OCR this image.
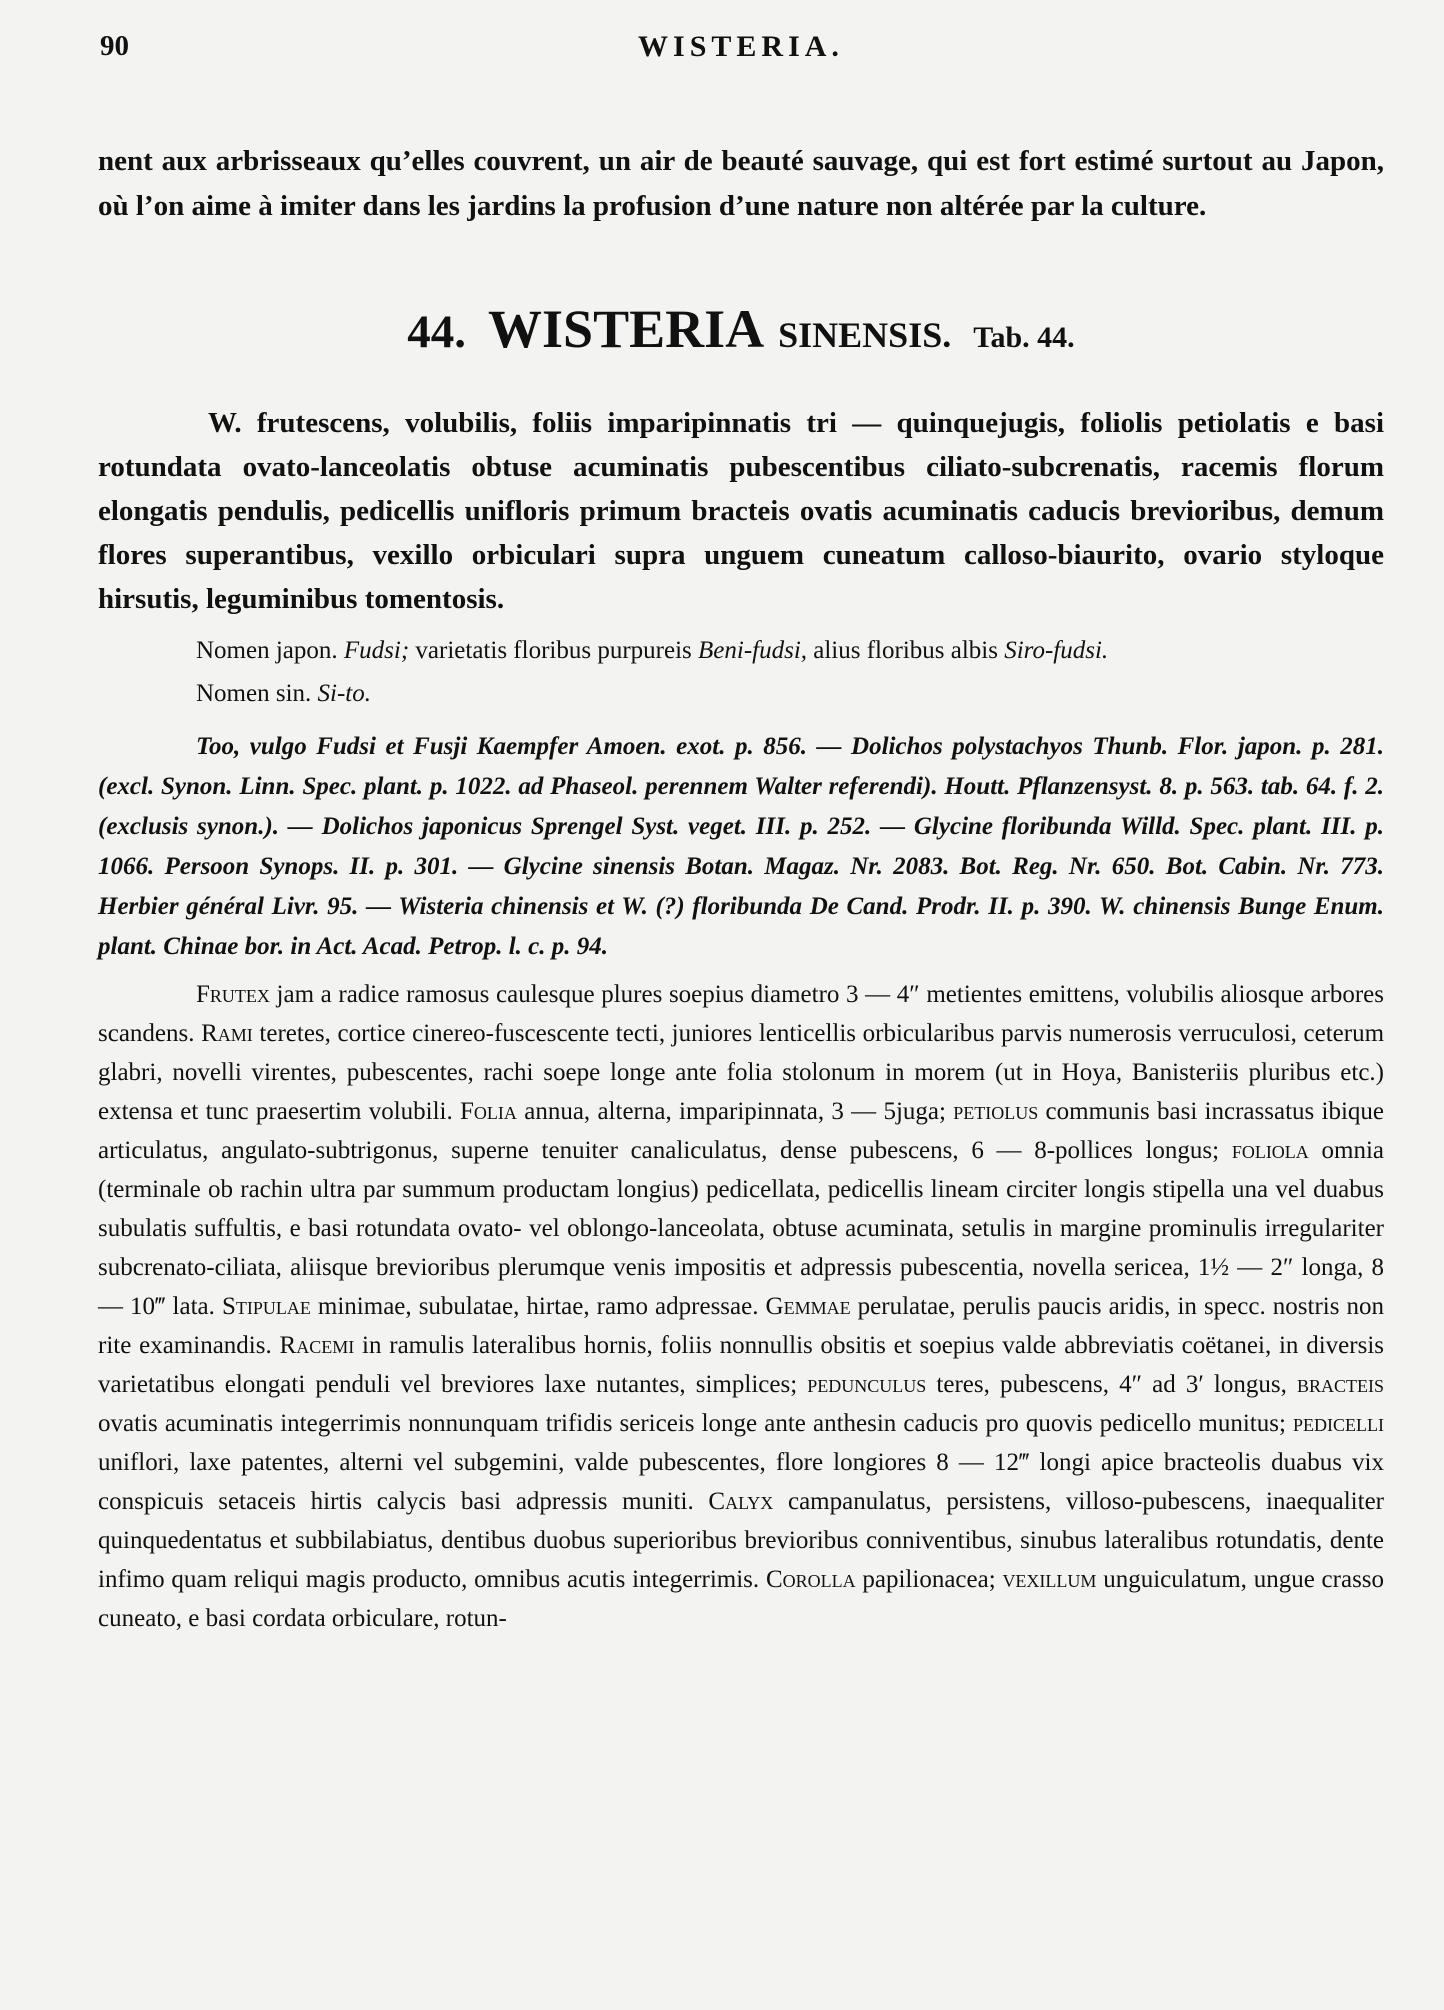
90	WISTERIA.

nent aux arbrisseaux qu’elles couvrent, un air de beauté sauvage, qui est fort estimé surtout au Japon, où l’on aime à imiter dans les jardins la profusion d’une nature non altérée par la culture.

44. WISTERIA SINENSIS. Tab. 44.

W. frutescens, volubilis, foliis imparipinnatis tri — quinquejugis, foliolis petiolatis e basi rotundata ovato-lanceolatis obtuse acuminatis pubescentibus ciliato-subcrenatis, racemis florum elongatis pendulis, pedicellis unifloris primum bracteis ovatis acuminatis caducis brevioribus, demum flores superantibus, vexillo orbiculari supra unguem cuneatum calloso-biaurito, ovario styloque hirsutis, leguminibus tomentosis.

Nomen japon. Fudsi; varietatis floribus purpureis Beni-fudsi, alius floribus albis Siro-fudsi.

Nomen sin. Si-to.

Too, vulgo Fudsi et Fusji Kaempfer Amoen. exot. p. 856. — Dolichos polystachyos Thunb. Flor. japon. p. 281. (excl. Synon. Linn. Spec. plant. p. 1022. ad Phaseol. perennem Walter referendi). Houtt. Pflanzensyst. 8. p. 563. tab. 64. f. 2. (exclusis synon.). — Dolichos japonicus Sprengel Syst. veget. III. p. 252. — Glycine floribunda Willd. Spec. plant. III. p. 1066. Persoon Synops. II. p. 301. — Glycine sinensis Botan. Magaz. Nr. 2083. Bot. Reg. Nr. 650. Bot. Cabin. Nr. 773. Herbier général Livr. 95. — Wisteria chinensis et W. (?) floribunda De Cand. Prodr. II. p. 390. W. chinensis Bunge Enum. plant. Chinae bor. in Act. Acad. Petrop. l. c. p. 94.

Frutex jam a radice ramosus caulesque plures soepius diametro 3 — 4″ metientes emittens, volubilis aliosque arbores scandens. Rami teretes, cortice cinereo-fuscescente tecti, juniores lenticellis orbicularibus parvis numerosis verruculosi, ceterum glabri, novelli virentes, pubescentes, rachi soepe longe ante folia stolonum in morem (ut in Hoya, Banisteriis pluribus etc.) extensa et tunc praesertim volubili. Folia annua, alterna, imparipinnata, 3 — 5juga; petiolus communis basi incrassatus ibique articulatus, angulato-subtrigonus, superne tenuiter canaliculatus, dense pubescens, 6 — 8-pollices longus; foliola omnia (terminale ob rachin ultra par summum productam longius) pedicellata, pedicellis lineam circiter longis stipella una vel duabus subulatis suffultis, e basi rotundata ovato- vel oblongo-lanceolata, obtuse acuminata, setulis in margine prominulis irregulariter subcrenato-ciliata, aliisque brevioribus plerumque venis impositis et adpressis pubescentia, novella sericea, 1½ — 2″ longa, 8 — 10‴ lata. Stipulae minimae, subulatae, hirtae, ramo adpressae. Gemmae perulatae, perulis paucis aridis, in specc. nostris non rite examinandis. Racemi in ramulis lateralibus hornis, foliis nonnullis obsitis et soepius valde abbreviatis coëtanei, in diversis varietatibus elongati penduli vel breviores laxe nutantes, simplices; pedunculus teres, pubescens, 4″ ad 3′ longus, bracteis ovatis acuminatis integerrimis nonnunquam trifidis sericeis longe ante anthesin caducis pro quovis pedicello munitus; pedicelli uniflori, laxe patentes, alterni vel subgemini, valde pubescentes, flore longiores 8 — 12‴ longi apice bracteolis duabus vix conspicuis setaceis hirtis calycis basi adpressis muniti. Calyx campanulatus, persistens, villoso-pubescens, inaequaliter quinquedentatus et subbilabiatus, dentibus duobus superioribus brevioribus conniventibus, sinubus lateralibus rotundatis, dente infimo quam reliqui magis producto, omnibus acutis integerrimis. Corolla papilionacea; vexillum unguiculatum, ungue crasso cuneato, e basi cordata orbiculare, rotun-
